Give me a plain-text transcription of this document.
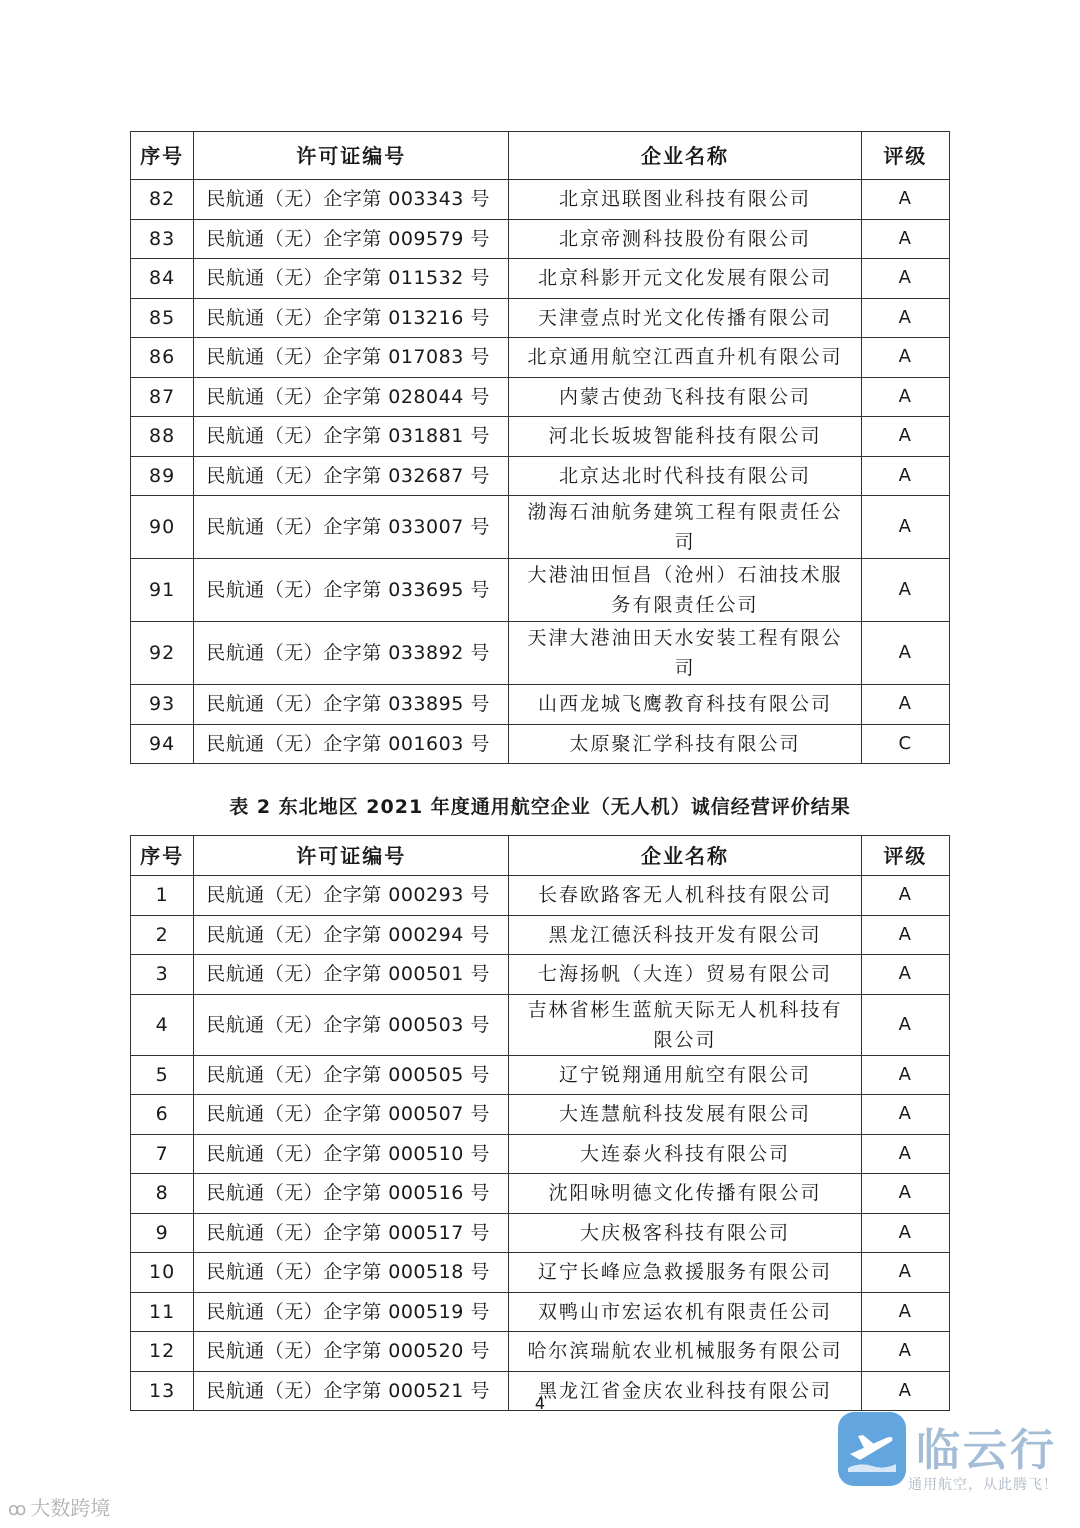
序号	许可证编号	企业名称	评级
82	民航通（无）企字第 003343 号	北京迅联图业科技有限公司	A
83	民航通（无）企字第 009579 号	北京帝测科技股份有限公司	A
84	民航通（无）企字第 011532 号	北京科影开元文化发展有限公司	A
85	民航通（无）企字第 013216 号	天津壹点时光文化传播有限公司	A
86	民航通（无）企字第 017083 号	北京通用航空江西直升机有限公司	A
87	民航通（无）企字第 028044 号	内蒙古使劲飞科技有限公司	A
88	民航通（无）企字第 031881 号	河北长坂坡智能科技有限公司	A
89	民航通（无）企字第 032687 号	北京达北时代科技有限公司	A
90	民航通（无）企字第 033007 号	渤海石油航务建筑工程有限责任公司	A
91	民航通（无）企字第 033695 号	大港油田恒昌（沧州）石油技术服务有限责任公司	A
92	民航通（无）企字第 033892 号	天津大港油田天水安装工程有限公司	A
93	民航通（无）企字第 033895 号	山西龙城飞鹰教育科技有限公司	A
94	民航通（无）企字第 001603 号	太原聚汇学科技有限公司	C
表 2 东北地区 2021 年度通用航空企业（无人机）诚信经营评价结果
序号	许可证编号	企业名称	评级
1	民航通（无）企字第 000293 号	长春欧路客无人机科技有限公司	A
2	民航通（无）企字第 000294 号	黑龙江德沃科技开发有限公司	A
3	民航通（无）企字第 000501 号	七海扬帆（大连）贸易有限公司	A
4	民航通（无）企字第 000503 号	吉林省彬生蓝航天际无人机科技有限公司	A
5	民航通（无）企字第 000505 号	辽宁锐翔通用航空有限公司	A
6	民航通（无）企字第 000507 号	大连慧航科技发展有限公司	A
7	民航通（无）企字第 000510 号	大连泰火科技有限公司	A
8	民航通（无）企字第 000516 号	沈阳咏明德文化传播有限公司	A
9	民航通（无）企字第 000517 号	大庆极客科技有限公司	A
10	民航通（无）企字第 000518 号	辽宁长峰应急救援服务有限公司	A
11	民航通（无）企字第 000519 号	双鸭山市宏运农机有限责任公司	A
12	民航通（无）企字第 000520 号	哈尔滨瑞航农业机械服务有限公司	A
13	民航通（无）企字第 000521 号	黑龙江省金庆农业科技有限公司	A
4
临云行
通用航空，从此腾飞！
ꝏ 大数跨境
